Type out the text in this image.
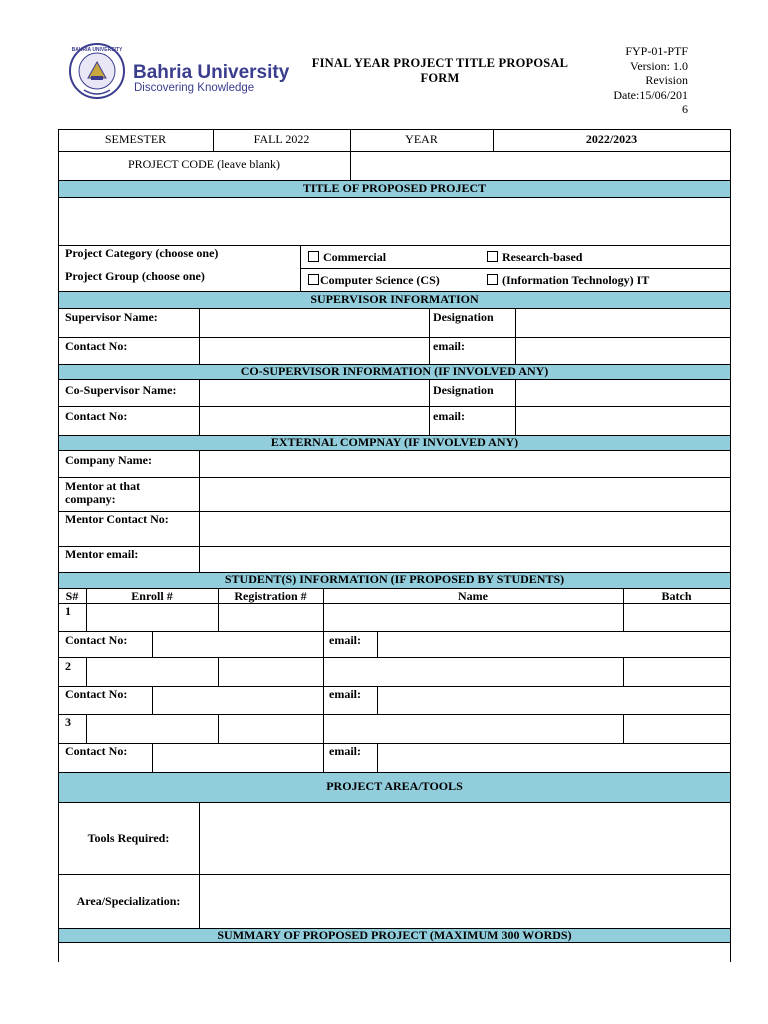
BAHRIA UNIVERSITY
Bahria University
Discovering Knowledge
FINAL YEAR PROJECT TITLE PROPOSAL
FORM
FYP-01-PTF
Version: 1.0
Revision
Date:15/06/201
6
SEMESTER	FALL 2022	YEAR	2022/2023
PROJECT CODE (leave blank)
TITLE OF PROPOSED PROJECT
Project Category (choose one)	Commercial	Research-based
Project Group (choose one)	Computer Science (CS)	(Information Technology) IT
SUPERVISOR INFORMATION
Supervisor Name:	Designation
Contact No:	email:
CO-SUPERVISOR INFORMATION (IF INVOLVED ANY)
Co-Supervisor Name:	Designation
Contact No:	email:
EXTERNAL COMPNAY (IF INVOLVED ANY)
Company Name:
Mentor at that
company:
Mentor Contact No:
Mentor email:
STUDENT(S) INFORMATION (IF PROPOSED BY STUDENTS)
S#	Enroll #	Registration #	Name	Batch
1
Contact No:	email:
2
Contact No:	email:
3
Contact No:	email:
PROJECT AREA/TOOLS
Tools Required:
Area/Specialization:
SUMMARY OF PROPOSED PROJECT (MAXIMUM 300 WORDS)
